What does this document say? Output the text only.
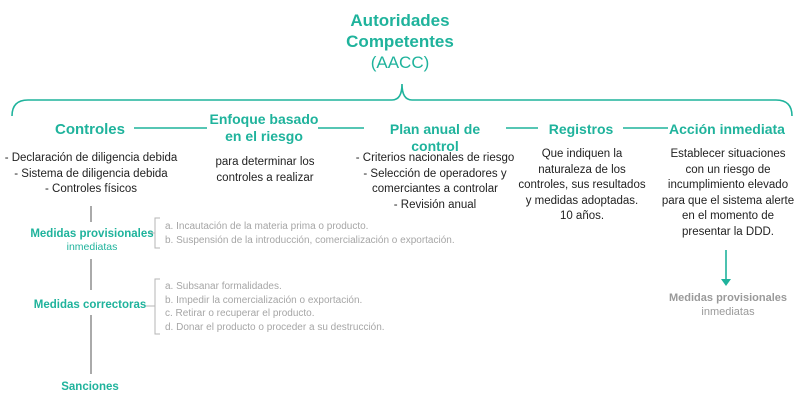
Autoridades
Competentes
(AACC)
Controles
- Declaración de diligencia debida
- Sistema de diligencia debida
- Controles físicos
Enfoque basado
en el riesgo
para determinar los
controles a realizar
Plan anual de control
- Criterios nacionales de riesgo
- Selección de operadores y
comerciantes a controlar
- Revisión anual
Registros
Que indiquen la
naturaleza de los
controles, sus resultados
y medidas adoptadas.
10 años.
Acción inmediata
Establecer situaciones
con un riesgo de
incumplimiento elevado
para que el sistema alerte
en el momento de
presentar la DDD.
Medidas provisionales
inmediatas
Medidas provisionales
inmediatas
a. Incautación de la materia prima o producto.
b. Suspensión de la introducción, comercialización o exportación.
Medidas correctoras
a. Subsanar formalidades.
b. Impedir la comercialización o exportación.
c. Retirar o recuperar el producto.
d. Donar el producto o proceder a su destrucción.
Sanciones
